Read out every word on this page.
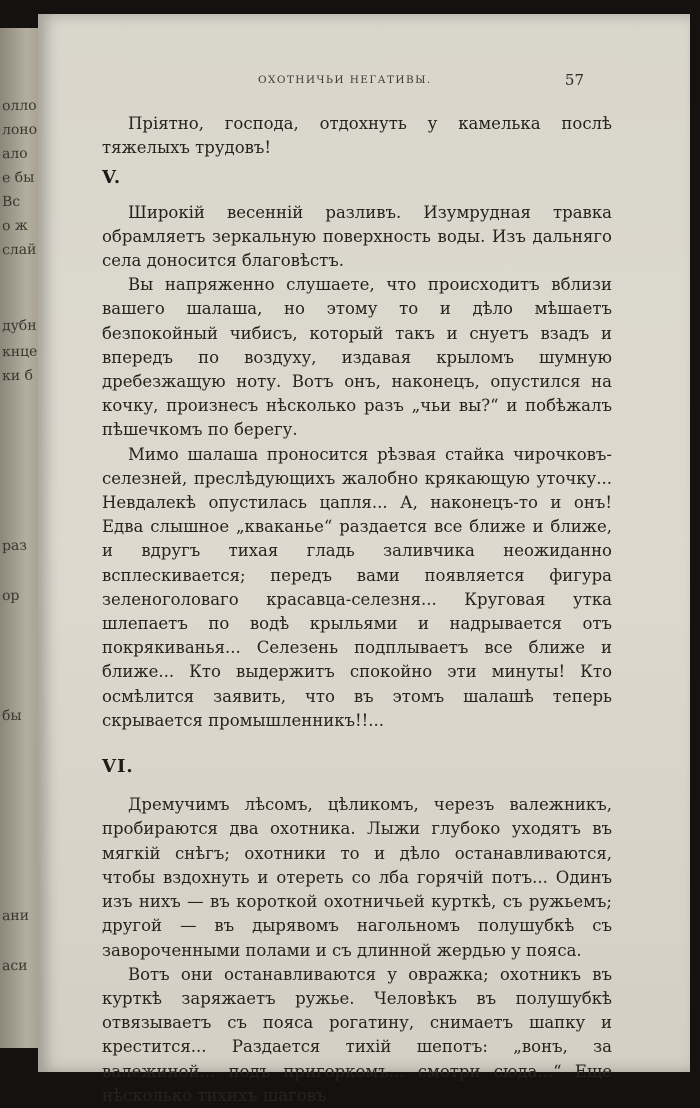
олло
лоно
ало
е бы
Вс
о ж
слай
дубн
кнце
ки б
раз
ор
бы
ани
аси
ОХОТНИЧЬИ НЕГАТИВЫ.	57

Пріятно, господа, отдохнуть у камелька послѣ тяжелыхъ трудовъ!

V.

Широкій весенній разливъ. Изумрудная травка обрамляетъ зеркальную поверхность воды. Изъ дальняго села доносится благовѣстъ.

Вы напряженно слушаете, что происходитъ вблизи вашего шалаша, но этому то и дѣло мѣшаетъ безпокойный чибисъ, который такъ и снуетъ взадъ и впередъ по воздуху, издавая крыломъ шумную дребезжащую ноту. Вотъ онъ, наконецъ, опустился на кочку, произнесъ нѣсколько разъ „чьи вы?“ и побѣжалъ пѣшечкомъ по берегу.

Мимо шалаша проносится рѣзвая стайка чирочковъ-селезней, преслѣдующихъ жалобно крякающую уточку... Невдалекѣ опустилась цапля... А, наконецъ-то и онъ! Едва слышное „кваканье“ раздается все ближе и ближе, и вдругъ тихая гладь заливчика неожиданно всплескивается; передъ вами появляется фигура зеленоголоваго красавца-селезня... Круговая утка шлепаетъ по водѣ крыльями и надрывается отъ покрякиванья... Селезень подплываетъ все ближе и ближе... Кто выдержитъ спокойно эти минуты! Кто осмѣлится заявить, что въ этомъ шалашѣ теперь скрывается промышленникъ!!...

VI.

Дремучимъ лѣсомъ, цѣликомъ, черезъ валежникъ, пробираются два охотника. Лыжи глубоко уходятъ въ мягкій снѣгъ; охотники то и дѣло останавливаются, чтобы вздохнуть и отереть со лба горячій потъ... Одинъ изъ нихъ — въ короткой охотничьей курткѣ, съ ружьемъ; другой — въ дырявомъ нагольномъ полушубкѣ съ завороченными полами и съ длинной жердью у пояса.

Вотъ они останавливаются у овражка; охотникъ въ курткѣ заряжаетъ ружье. Человѣкъ въ полушубкѣ отвязываетъ съ пояса рогатину, снимаетъ шапку и крестится... Раздается тихій шепотъ: „вонъ, за валежиной... подъ пригоркомъ... смотри сюда...“ Еще нѣсколько тихихъ шаговъ
